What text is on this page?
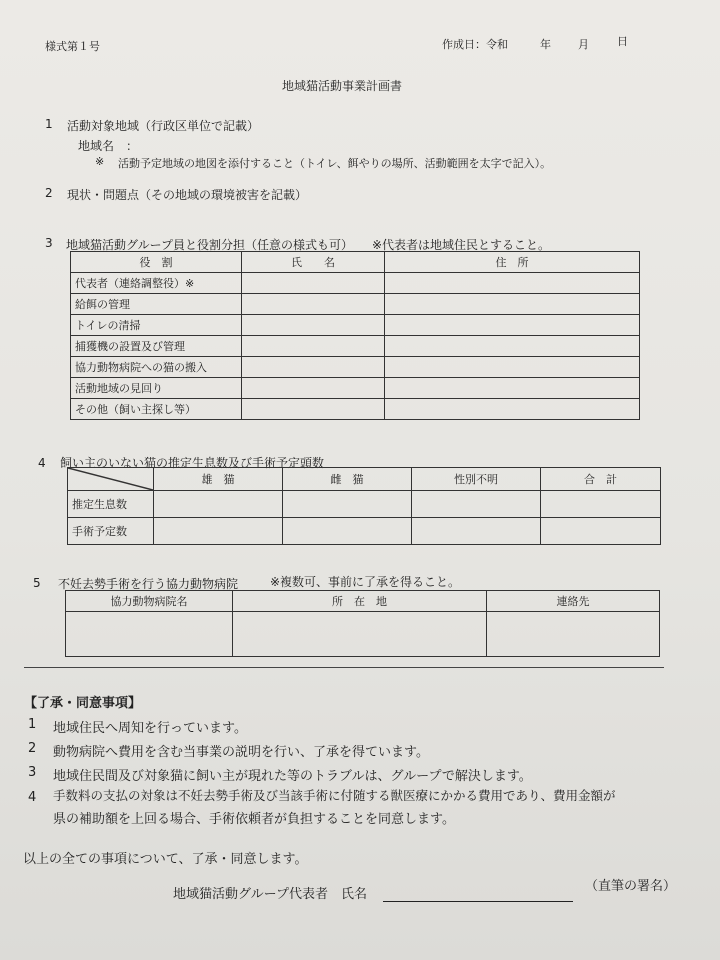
様式第１号	作成日：令和	年 月	日
地域猫活動事業計画書
1 活動対象地域（行政区単位で記載）
地域名　：
※ 活動予定地域の地図を添付すること（トイレ、餌やりの場所、活動範囲を太字で記入）。
2 現状・問題点（その地域の環境被害を記載）
3 地域猫活動グループ員と役割分担（任意の様式も可） ※代表者は地域住民とすること。
役　割	氏　　名	住　所
代表者（連絡調整役）※		
給餌の管理		
トイレの清掃		
捕獲機の設置及び管理		
協力動物病院への猫の搬入		
活動地域の見回り		
その他（飼い主探し等）		
4 飼い主のいない猫の推定生息数及び手術予定頭数
	雄　猫	雌　猫	性別不明	合　計
推定生息数				
手術予定数				
5 不妊去勢手術を行う協力動物病院	※複数可、事前に了承を得ること。
協力動物病院名	所　在　地	連絡先

【了承・同意事項】
1 地域住民へ周知を行っています。
2 動物病院へ費用を含む当事業の説明を行い、了承を得ています。
3 地域住民間及び対象猫に飼い主が現れた等のトラブルは、グループで解決します。
4 手数料の支払の対象は不妊去勢手術及び当該手術に付随する獣医療にかかる費用であり、費用金額が
県の補助額を上回る場合、手術依頼者が負担することを同意します。
以上の全ての事項について、了承・同意します。
地域猫活動グループ代表者　氏名
（直筆の署名）
